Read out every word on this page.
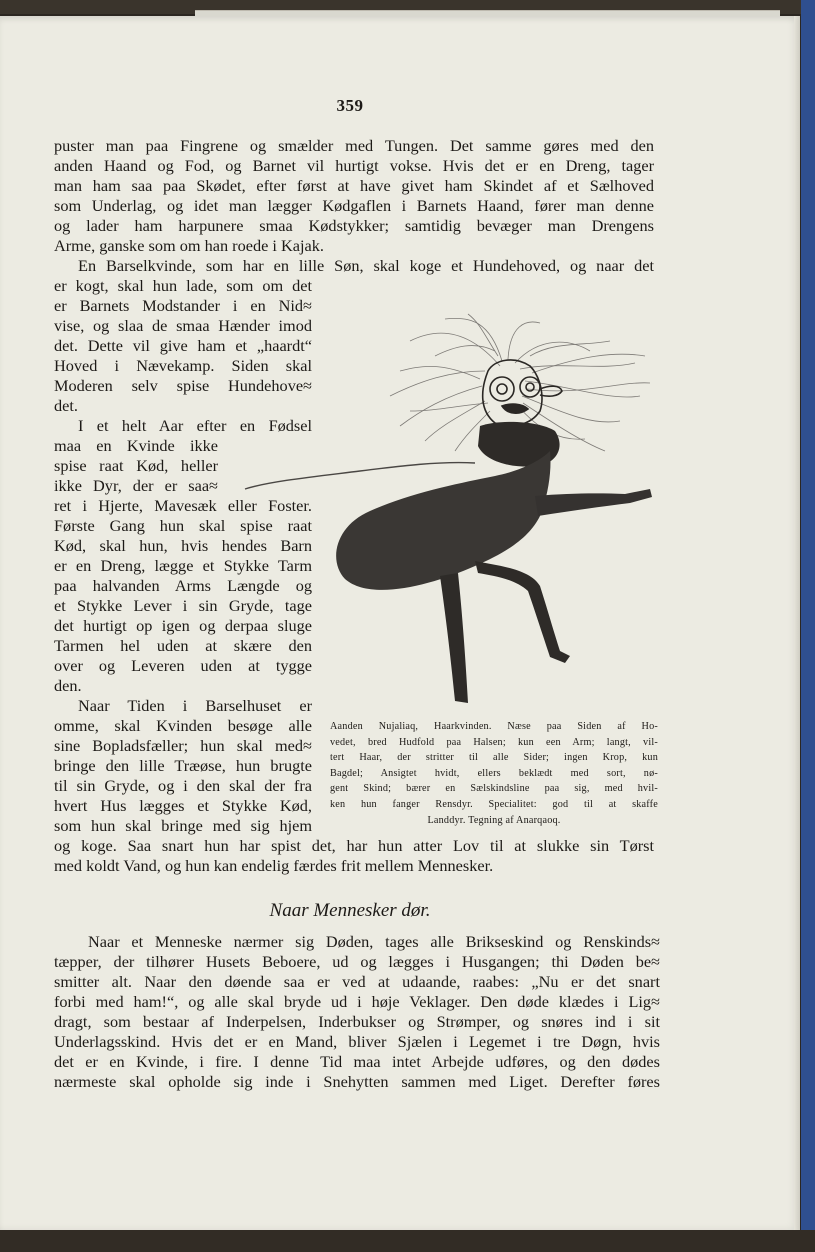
359
puster man paa Fingrene og smælder med Tungen. Det samme gøres med den
anden Haand og Fod, og Barnet vil hurtigt vokse. Hvis det er en Dreng, tager
man ham saa paa Skødet, efter først at have givet ham Skindet af et Sælhoved
som Underlag, og idet man lægger Kødgaflen i Barnets Haand, fører man denne
og lader ham harpunere smaa Kødstykker; samtidig bevæger man Drengens
Arme, ganske som om han roede i Kajak.
En Barselkvinde, som har en lille Søn, skal koge et Hundehoved, og naar det
er kogt, skal hun lade, som om det
er Barnets Modstander i en Nid≈
vise, og slaa de smaa Hænder imod
det. Dette vil give ham et „haardt“
Hoved i Nævekamp. Siden skal
Moderen selv spise Hundehove≈
det.
I et helt Aar efter en Fødsel
maa en Kvinde ikke
spise raat Kød, heller
ikke Dyr, der er saa≈
ret i Hjerte, Mavesæk eller Foster.
Første Gang hun skal spise raat
Kød, skal hun, hvis hendes Barn
er en Dreng, lægge et Stykke Tarm
paa halvanden Arms Længde og
et Stykke Lever i sin Gryde, tage
det hurtigt op igen og derpaa sluge
Tarmen hel uden at skære den
over og Leveren uden at tygge
den.
Naar Tiden i Barselhuset er
omme, skal Kvinden besøge alle
sine Bopladsfæller; hun skal med≈
bringe den lille Træøse, hun brugte
til sin Gryde, og i den skal der fra
hvert Hus lægges et Stykke Kød,
som hun skal bringe med sig hjem
og koge. Saa snart hun har spist det, har hun atter Lov til at slukke sin Tørst
med koldt Vand, og hun kan endelig færdes frit mellem Mennesker.
Aanden Nujaliaq, Haarkvinden. Næse paa Siden af Ho-
vedet, bred Hudfold paa Halsen; kun een Arm; langt, vil-
tert Haar, der stritter til alle Sider; ingen Krop, kun
Bagdel; Ansigtet hvidt, ellers beklædt med sort, nø-
gent Skind; bærer en Sælskindsline paa sig, med hvil-
ken hun fanger Rensdyr. Specialitet: god til at skaffe
Landdyr. Tegning af Anarqaoq.
Naar Mennesker dør.
Naar et Menneske nærmer sig Døden, tages alle Brikseskind og Renskinds≈
tæpper, der tilhører Husets Beboere, ud og lægges i Husgangen; thi Døden be≈
smitter alt. Naar den døende saa er ved at udaande, raabes: „Nu er det snart
forbi med ham!“, og alle skal bryde ud i høje Veklager. Den døde klædes i Lig≈
dragt, som bestaar af Inderpelsen, Inderbukser og Strømper, og snøres ind i sit
Underlagsskind. Hvis det er en Mand, bliver Sjælen i Legemet i tre Døgn, hvis
det er en Kvinde, i fire. I denne Tid maa intet Arbejde udføres, og den dødes
nærmeste skal opholde sig inde i Snehytten sammen med Liget. Derefter føres
